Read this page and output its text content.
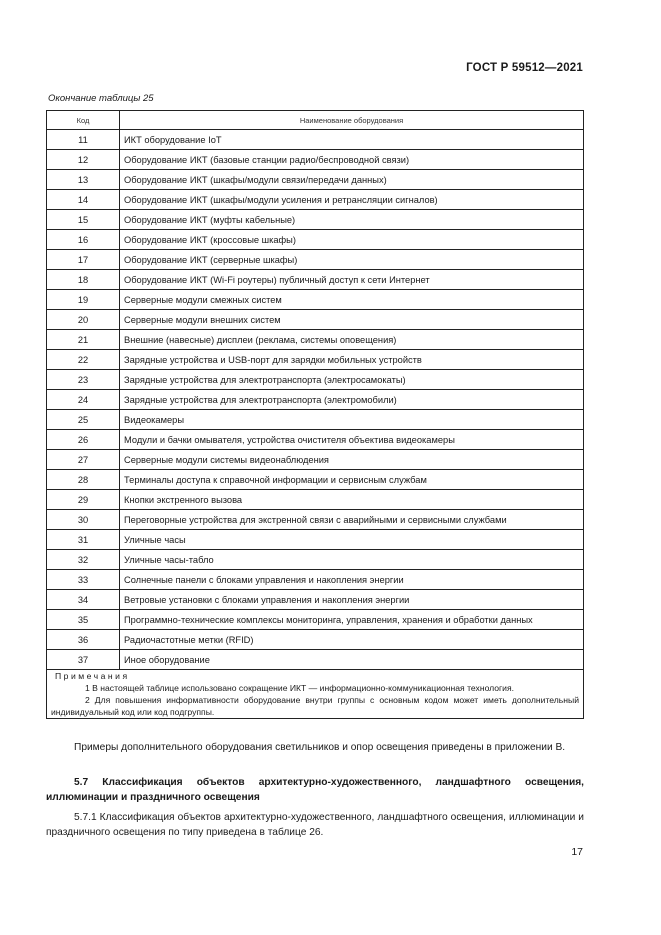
ГОСТ Р 59512—2021
Окончание таблицы 25
Код	Наименование оборудования
11	ИКТ оборудование IoT
12	Оборудование ИКТ (базовые станции радио/беспроводной связи)
13	Оборудование ИКТ (шкафы/модули связи/передачи данных)
14	Оборудование ИКТ (шкафы/модули усиления и ретрансляции сигналов)
15	Оборудование ИКТ (муфты кабельные)
16	Оборудование ИКТ (кроссовые шкафы)
17	Оборудование ИКТ (серверные шкафы)
18	Оборудование ИКТ (Wi-Fi роутеры) публичный доступ к сети Интернет
19	Серверные модули смежных систем
20	Серверные модули внешних систем
21	Внешние (навесные) дисплеи (реклама, системы оповещения)
22	Зарядные устройства и USB-порт для зарядки мобильных устройств
23	Зарядные устройства для электротранспорта (электросамокаты)
24	Зарядные устройства для электротранспорта (электромобили)
25	Видеокамеры
26	Модули и бачки омывателя, устройства очистителя объектива видеокамеры
27	Серверные модули системы видеонаблюдения
28	Терминалы доступа к справочной информации и сервисным службам
29	Кнопки экстренного вызова
30	Переговорные устройства для экстренной связи с аварийными и сервисными службами
31	Уличные часы
32	Уличные часы-табло
33	Солнечные панели с блоками управления и накопления энергии
34	Ветровые установки с блоками управления и накопления энергии
35	Программно-технические комплексы мониторинга, управления, хранения и обработки данных
36	Радиочастотные метки (RFID)
37	Иное оборудование

Примечания
1 В настоящей таблице использовано сокращение ИКТ — информационно-коммуникационная технология.
2 Для повышения информативности оборудование внутри группы с основным кодом может иметь дополнительный индивидуальный код или код подгруппы.	
Примеры дополнительного оборудования светильников и опор освещения приведены в приложении В.
5.7 Классификация объектов архитектурно-художественного, ландшафтного освещения, иллюминации и праздничного освещения
5.7.1 Классификация объектов архитектурно-художественного, ландшафтного освещения, иллюминации и праздничного освещения по типу приведена в таблице 26.
17
